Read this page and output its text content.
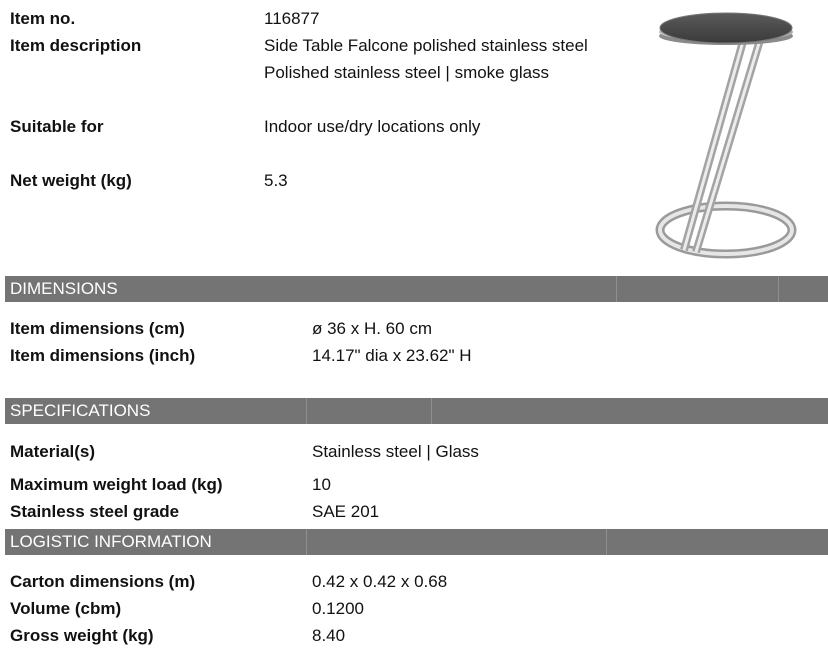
Item no.	116877
Item description	Side Table Falcone polished stainless steel
Polished stainless steel | smoke glass
Suitable for	Indoor use/dry locations only
Net weight (kg)	5.3
DIMENSIONS
Item dimensions (cm)	ø 36 x H. 60 cm
Item dimensions (inch)	14.17" dia x 23.62" H
SPECIFICATIONS
Material(s)	Stainless steel | Glass
Maximum weight load (kg)	10
Stainless steel grade	SAE 201
LOGISTIC INFORMATION
Carton dimensions (m)	0.42 x 0.42 x 0.68
Volume (cbm)	0.1200
Gross weight (kg)	8.40
